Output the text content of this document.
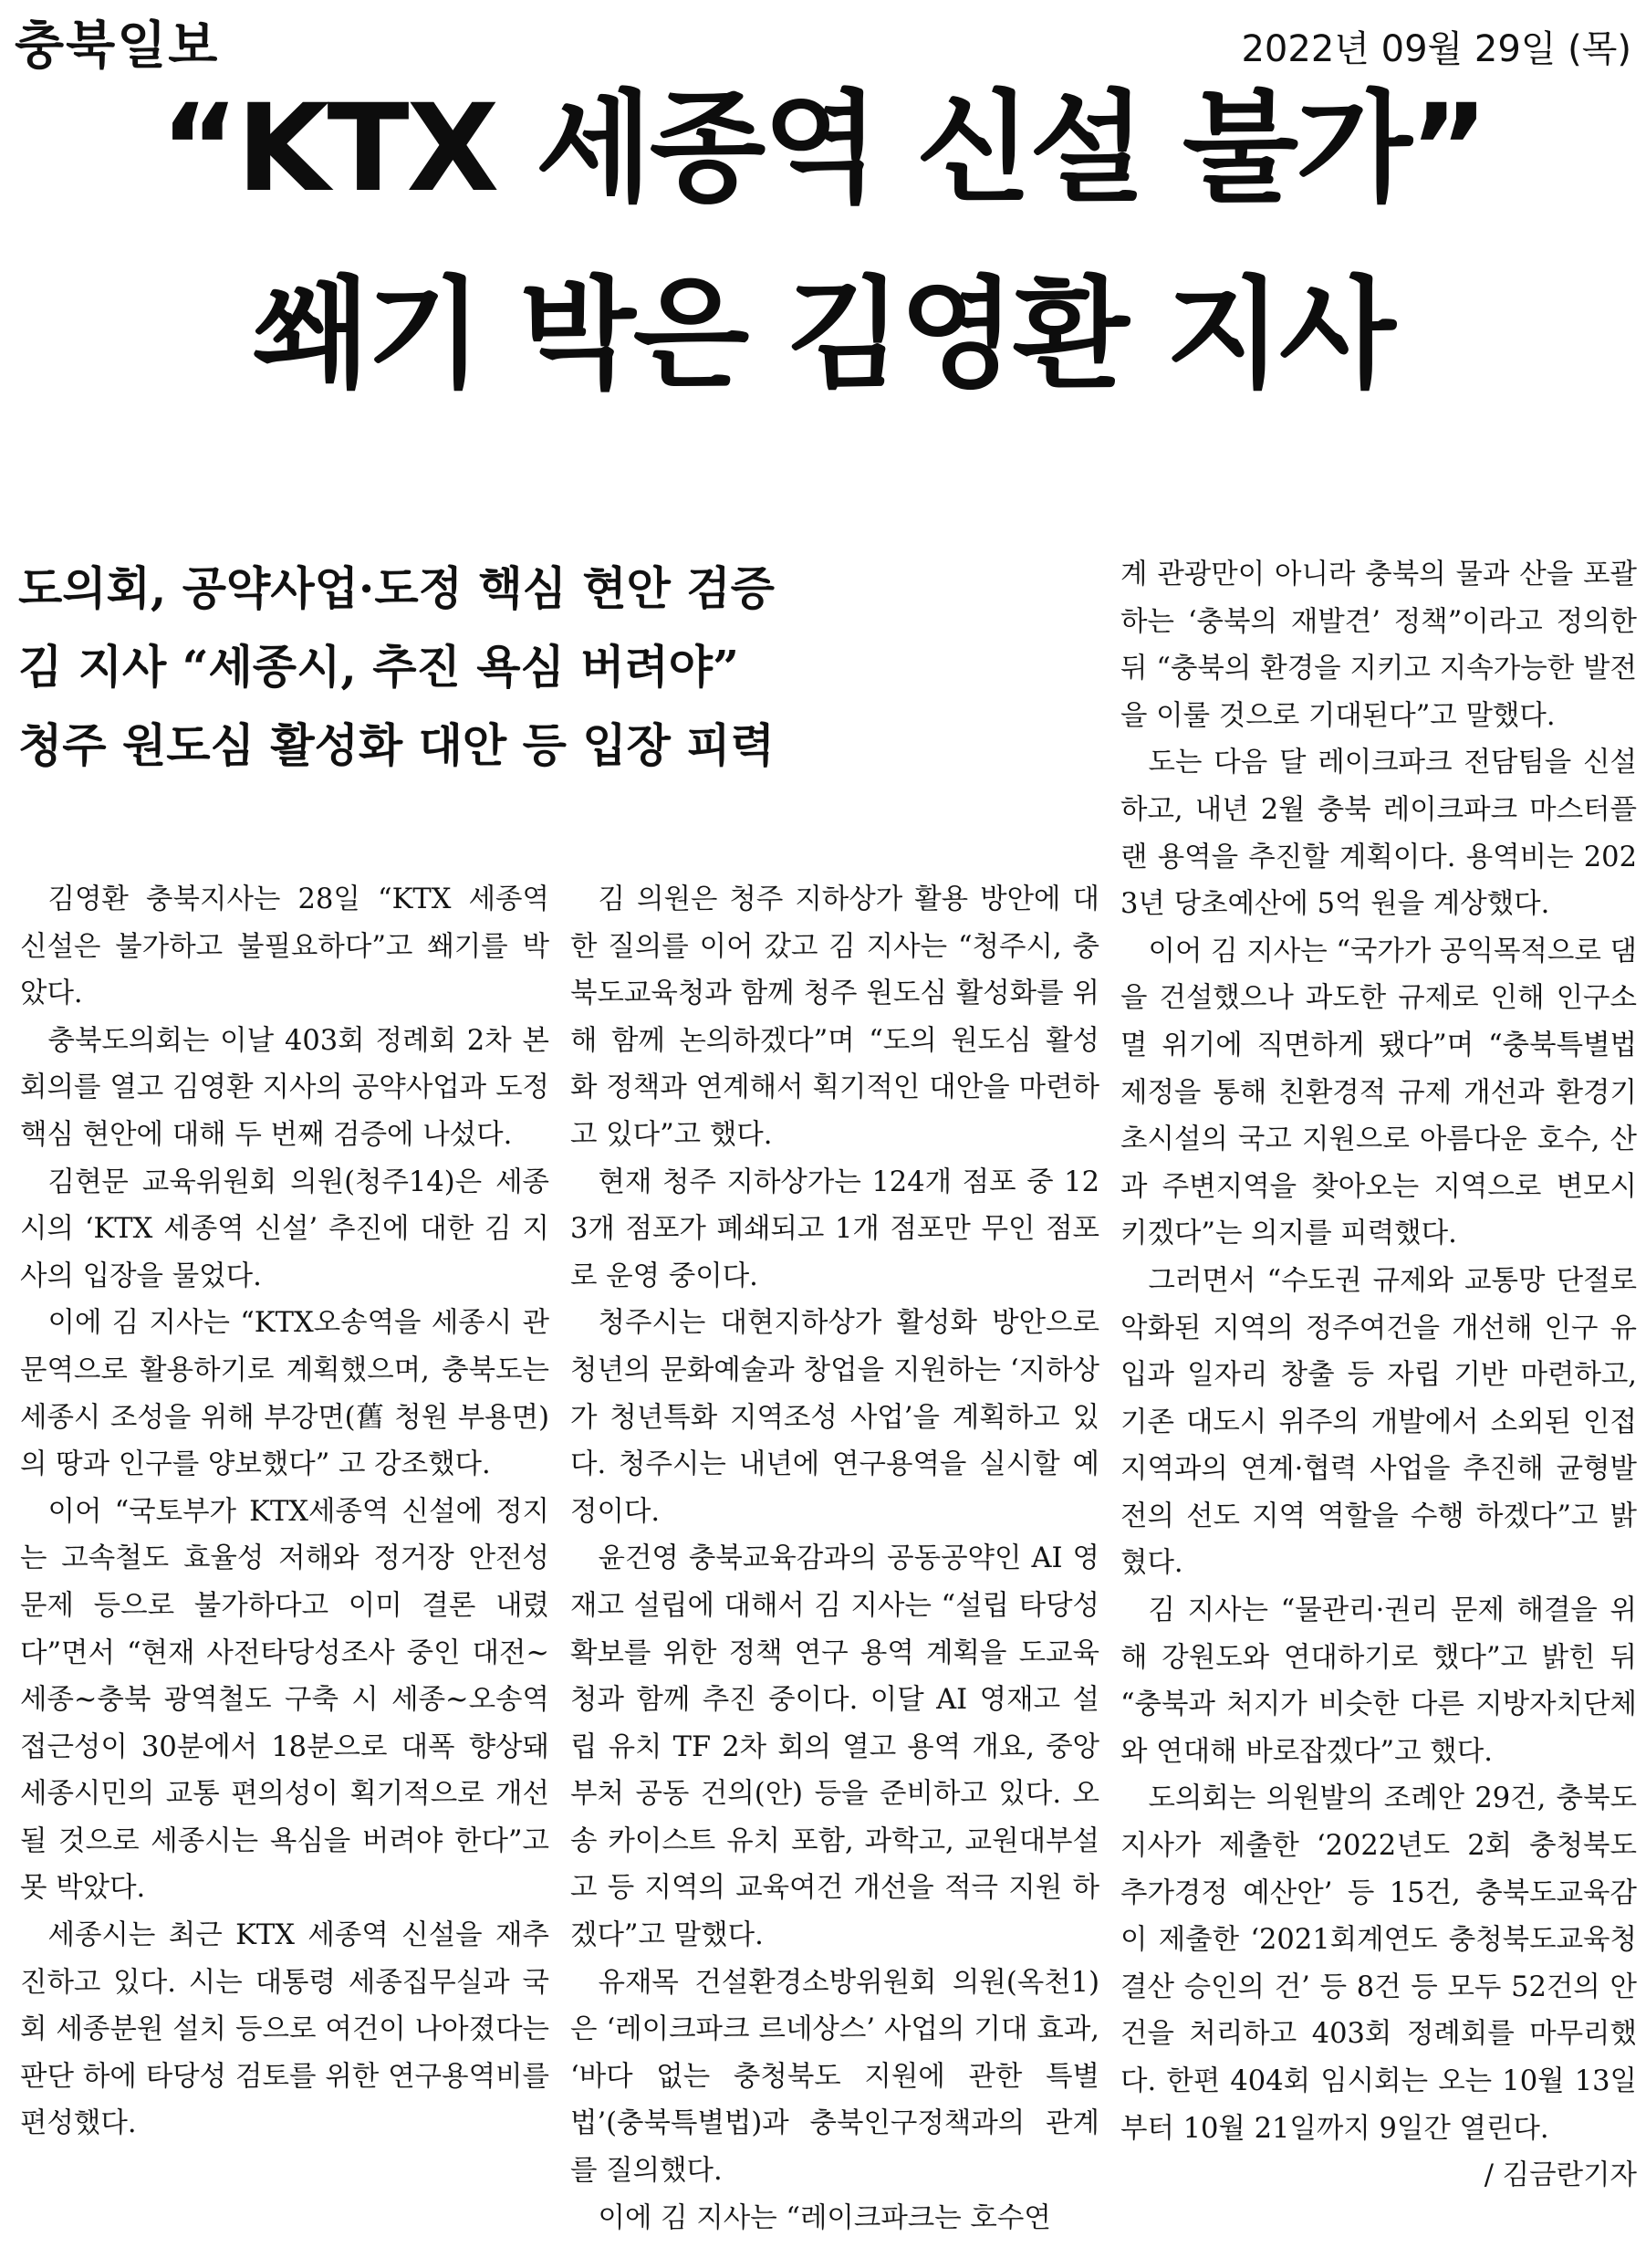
충북일보	2022년 09월 29일 (목)
“KTX 세종역 신설 불가”
쐐기 박은 김영환 지사
도의회, 공약사업·도정 핵심 현안 검증
김 지사 “세종시, 추진 욕심 버려야”
청주 원도심 활성화 대안 등 입장 피력

김영환 충북지사는 28일 “KTX 세종역 신설은 불가하고 불필요하다”고 쐐기를 박았다.

충북도의회는 이날 403회 정례회 2차 본회의를 열고 김영환 지사의 공약사업과 도정 핵심 현안에 대해 두 번째 검증에 나섰다.

김현문 교육위원회 의원(청주14)은 세종시의 ‘KTX 세종역 신설’ 추진에 대한 김 지사의 입장을 물었다.

이에 김 지사는 “KTX오송역을 세종시 관문역으로 활용하기로 계획했으며, 충북도는 세종시 조성을 위해 부강면(舊 청원 부용면)의 땅과 인구를 양보했다” 고 강조했다.

이어 “국토부가 KTX세종역 신설에 정지는 고속철도 효율성 저해와 정거장 안전성 문제 등으로 불가하다고 이미 결론 내렸다”면서 “현재 사전타당성조사 중인 대전~세종~충북 광역철도 구축 시 세종~오송역 접근성이 30분에서 18분으로 대폭 향상돼 세종시민의 교통 편의성이 획기적으로 개선될 것으로 세종시는 욕심을 버려야 한다”고 못 박았다.

세종시는 최근 KTX 세종역 신설을 재추진하고 있다. 시는 대통령 세종집무실과 국회 세종분원 설치 등으로 여건이 나아졌다는 판단 하에 타당성 검토를 위한 연구용역비를 편성했다.

김 의원은 청주 지하상가 활용 방안에 대한 질의를 이어 갔고 김 지사는 “청주시, 충북도교육청과 함께 청주 원도심 활성화를 위해 함께 논의하겠다”며 “도의 원도심 활성화 정책과 연계해서 획기적인 대안을 마련하고 있다”고 했다.

현재 청주 지하상가는 124개 점포 중 123개 점포가 폐쇄되고 1개 점포만 무인 점포로 운영 중이다.

청주시는 대현지하상가 활성화 방안으로 청년의 문화예술과 창업을 지원하는 ‘지하상가 청년특화 지역조성 사업’을 계획하고 있다. 청주시는 내년에 연구용역을 실시할 예정이다.

윤건영 충북교육감과의 공동공약인 AI 영재고 설립에 대해서 김 지사는 “설립 타당성 확보를 위한 정책 연구 용역 계획을 도교육청과 함께 추진 중이다. 이달 AI 영재고 설립 유치 TF 2차 회의 열고 용역 개요, 중앙부처 공동 건의(안) 등을 준비하고 있다. 오송 카이스트 유치 포함, 과학고, 교원대부설고 등 지역의 교육여건 개선을 적극 지원 하겠다”고 말했다.

유재목 건설환경소방위원회 의원(옥천1)은 ‘레이크파크 르네상스’ 사업의 기대 효과, ‘바다 없는 충청북도 지원에 관한 특별법’(충북특별법)과 충북인구정책과의 관계를 질의했다.

이에 김 지사는 “레이크파크는 호수연

계 관광만이 아니라 충북의 물과 산을 포괄하는 ‘충북의 재발견’ 정책”이라고 정의한 뒤 “충북의 환경을 지키고 지속가능한 발전을 이룰 것으로 기대된다”고 말했다.

도는 다음 달 레이크파크 전담팀을 신설하고, 내년 2월 충북 레이크파크 마스터플랜 용역을 추진할 계획이다. 용역비는 2023년 당초예산에 5억 원을 계상했다.

이어 김 지사는 “국가가 공익목적으로 댐을 건설했으나 과도한 규제로 인해 인구소멸 위기에 직면하게 됐다”며 “충북특별법 제정을 통해 친환경적 규제 개선과 환경기초시설의 국고 지원으로 아름다운 호수, 산과 주변지역을 찾아오는 지역으로 변모시키겠다”는 의지를 피력했다.

그러면서 “수도권 규제와 교통망 단절로 악화된 지역의 정주여건을 개선해 인구 유입과 일자리 창출 등 자립 기반 마련하고, 기존 대도시 위주의 개발에서 소외된 인접 지역과의 연계·협력 사업을 추진해 균형발전의 선도 지역 역할을 수행 하겠다”고 밝혔다.

김 지사는 “물관리·권리 문제 해결을 위해 강원도와 연대하기로 했다”고 밝힌 뒤 “충북과 처지가 비슷한 다른 지방자치단체와 연대해 바로잡겠다”고 했다.

도의회는 의원발의 조례안 29건, 충북도지사가 제출한 ‘2022년도 2회 충청북도 추가경정 예산안’ 등 15건, 충북도교육감이 제출한 ‘2021회계연도 충청북도교육청 결산 승인의 건’ 등 8건 등 모두 52건의 안건을 처리하고 403회 정례회를 마무리했다. 한편 404회 임시회는 오는 10월 13일부터 10월 21일까지 9일간 열린다.

/ 김금란기자
